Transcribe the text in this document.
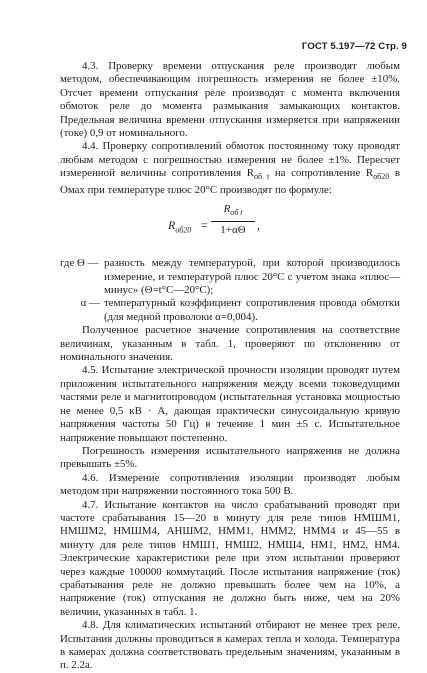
ГОСТ 5.197—72 Стр. 9

4.3. Проверку времени отпускания реле производят любым методом, обеспечивающим погрешность измерения не более ±10%. Отсчет времени отпускания реле производят с момента включения обмоток реле до момента размыкания замыкающих контактов. Предельная величина времени отпускания измеряется при напряжении (токе) 0,9 от номинального.

4.4. Проверку сопротивлений обмоток постоянному току проводят любым методом с погрешностью измерения не более ±1%. Пересчет измеренной величины сопротивления $R_{об t}$ на сопротивление $R_{об20}$ в Омах при температуре плюс 20°С производят по формуле:

$R_{об20}$ =
$R_{об t}$
1+αΘ ,
где Θ — разность между температурой, при которой производилось измерение, и температурой плюс 20°С с учетом знака «плюс—минус» (Θ=t°С—20°С);
α — температурный коэффициент сопротивления провода обмотки (для медной проволоки α=0,004).

Полученное расчетное значение сопротивления на соответствие величинам, указанным в табл. 1, проверяют по отклонению от номинального значения.

4.5. Испытание электрической прочности изоляции проводят путем приложения испытательного напряжения между всеми токоведущими частями реле и магнитопроводом (испытательная установка мощностью не менее 0,5 кВ · А, дающая практически синусоидальную кривую напряжения частоты 50 Гц) в течение 1 мин ±5 с. Испытательное напряжение повышают постепенно.

Погрешность измерения испытательного напряжения не должна превышать ±5%.

4.6. Измерение сопротивления изоляции производят любым методом при напряжении постоянного тока 500 В.

4.7. Испытание контактов на число срабатываний проводят при частоте срабатывания 15—20 в минуту для реле типов НМШМ1, НМШМ2, НМШМ4, АНШМ2, НММ1, НММ2, НММ4 и 45—55 в минуту для реле типов НМШ1, НМШ2, НМШ4, НМ1, НМ2, НМ4. Электрические характеристики реле при этом испытании проверяют через каждые 100000 коммутаций. После испытания напряжение (ток) срабатывания реле не должно превышать более чем на 10%, а напряжение (ток) отпускания не должно быть ниже, чем на 20% величин, указанных в табл. 1.

4.8. Для климатических испытаний отбирают не менее трех реле. Испытания должны проводиться в камерах тепла и холода. Температура в камерах должна соответствовать предельным значениям, указанным в п. 2.2а.
